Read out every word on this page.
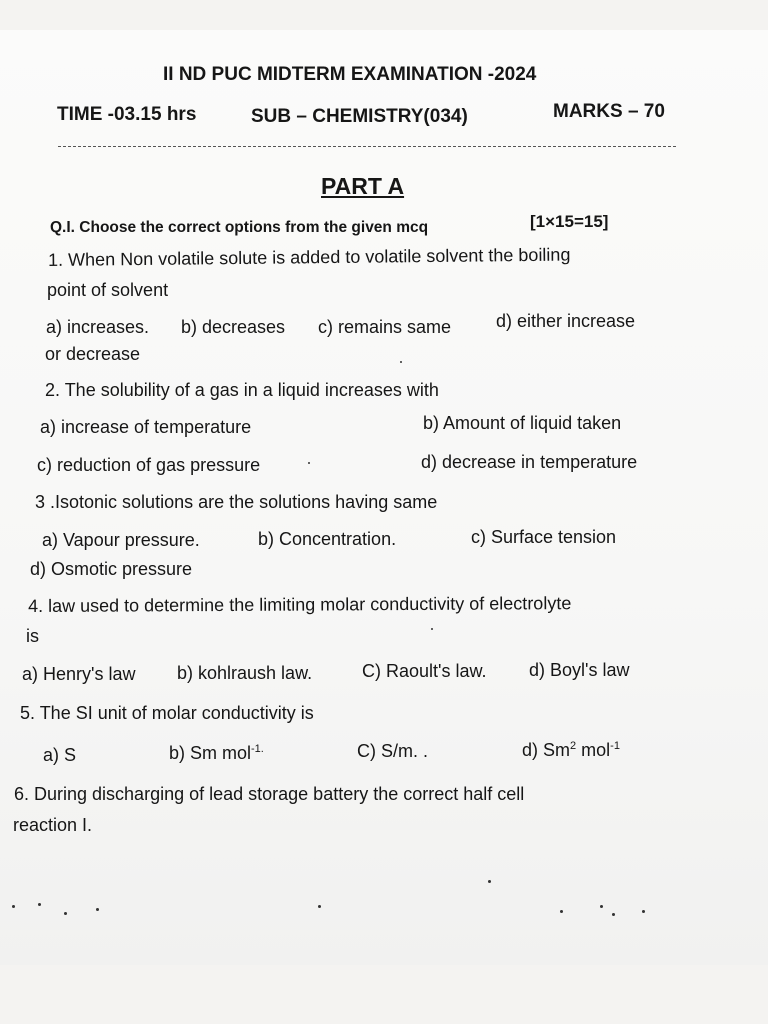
II ND PUC MIDTERM EXAMINATION -2024
TIME -03.15 hrs	SUB – CHEMISTRY(034)	MARKS – 70
PART A
Q.I. Choose the correct options from the given mcq	[1×15=15]
1. When Non volatile solute is added to volatile solvent the boiling
point of solvent
a) increases. b) decreases c) remains same d) either increase
or decrease
2. The solubility of a gas in a liquid increases with
a) increase of temperature	b) Amount of liquid taken
c) reduction of gas pressure	d) decrease in temperature
3 .Isotonic solutions are the solutions having same
a) Vapour pressure.	b) Concentration.	c) Surface tension
d) Osmotic pressure
4. law used to determine the limiting molar conductivity of electrolyte
is
a) Henry's law b) kohlraush law.	C) Raoult's law. d) Boyl's law
5. The SI unit of molar conductivity is
a) S	b) Sm mol$^{-1.}$	C) S/m. .	d) Sm$^2$ mol$^{-1}$
6. During discharging of lead storage battery the correct half cell
reaction I.
